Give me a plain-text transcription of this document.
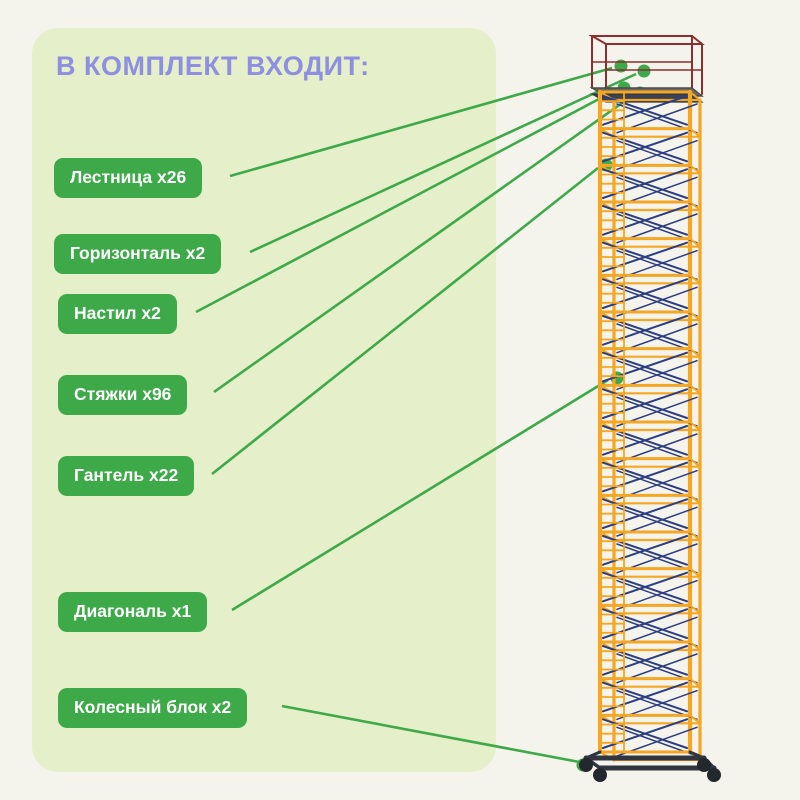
В КОМПЛЕКТ ВХОДИТ:
Лестница x26
Горизонталь x2
Настил x2
Стяжки x96
Гантель x22
Диагональ x1
Колесный блок x2
